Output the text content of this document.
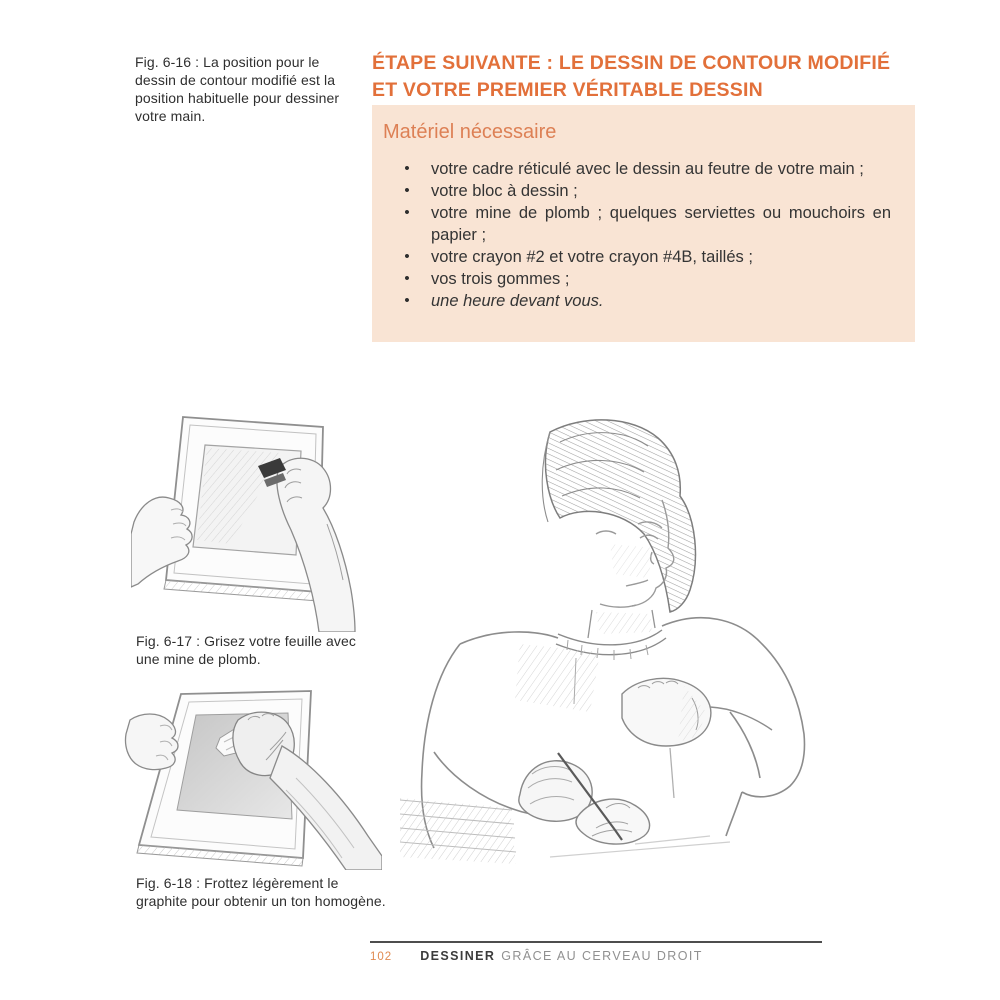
Fig. 6-16 : La position pour le dessin de contour modifié est la position habituelle pour dessiner votre main.
Fig. 6-17 : Grisez votre feuille avec une mine de plomb.
Fig. 6-18 : Frottez légèrement le graphite pour obtenir un ton homogène.
ÉTAPE SUIVANTE : LE DESSIN DE CONTOUR MODIFIÉ
ET VOTRE PREMIER VÉRITABLE DESSIN
Matériel nécessaire
•	votre cadre réticulé avec le dessin au feutre de votre main ;
•	votre bloc à dessin ;
•	votre mine de plomb ; quelques serviettes ou mouchoirs en papier ;
•	votre crayon #2 et votre crayon #4B, taillés ;
•	vos trois gommes ;
•	une heure devant vous.
102 DESSINER GRÂCE AU CERVEAU DROIT
